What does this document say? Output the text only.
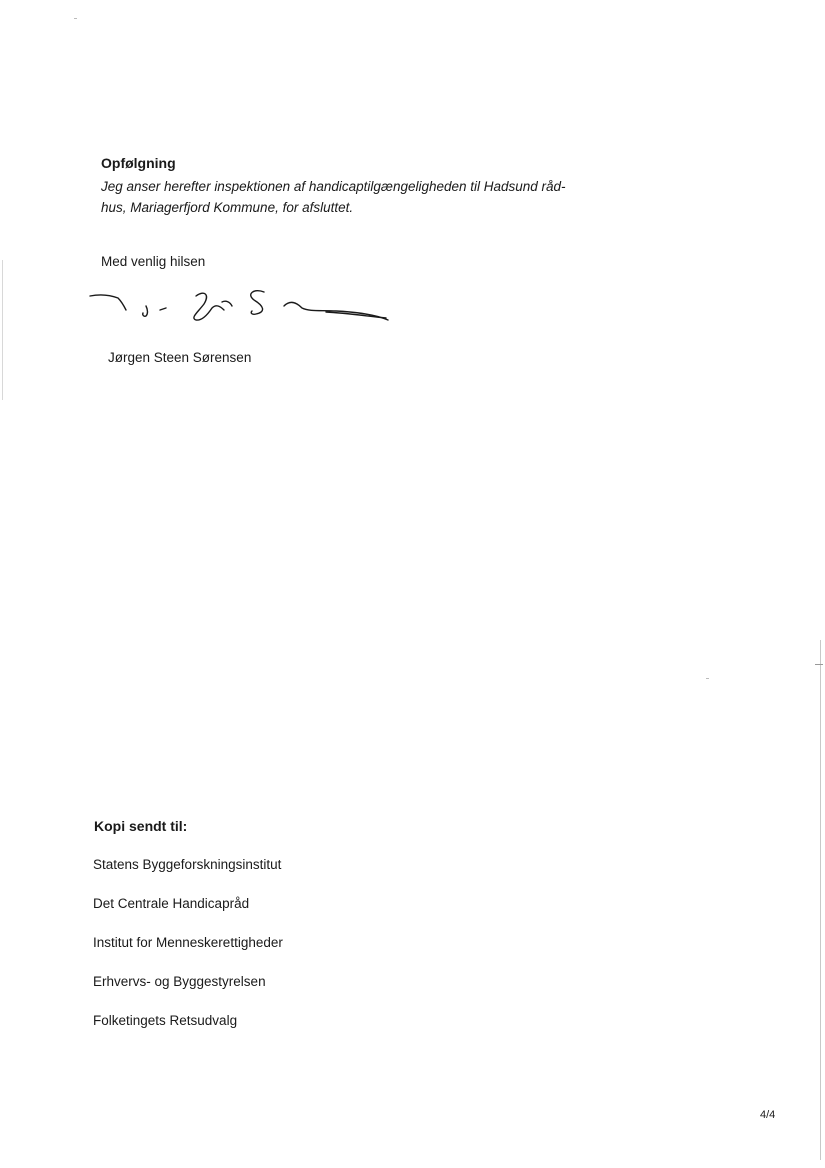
Opfølgning

Jeg anser herefter inspektionen af handicaptilgængeligheden til Hadsund råd-hus, Mariagerfjord Kommune, for afsluttet.

Med venlig hilsen

Jørgen Steen Sørensen

Kopi sendt til:
Statens Byggeforskningsinstitut
Det Centrale Handicapråd
Institut for Menneskerettigheder
Erhvervs- og Byggestyrelsen
Folketingets Retsudvalg

4/4
